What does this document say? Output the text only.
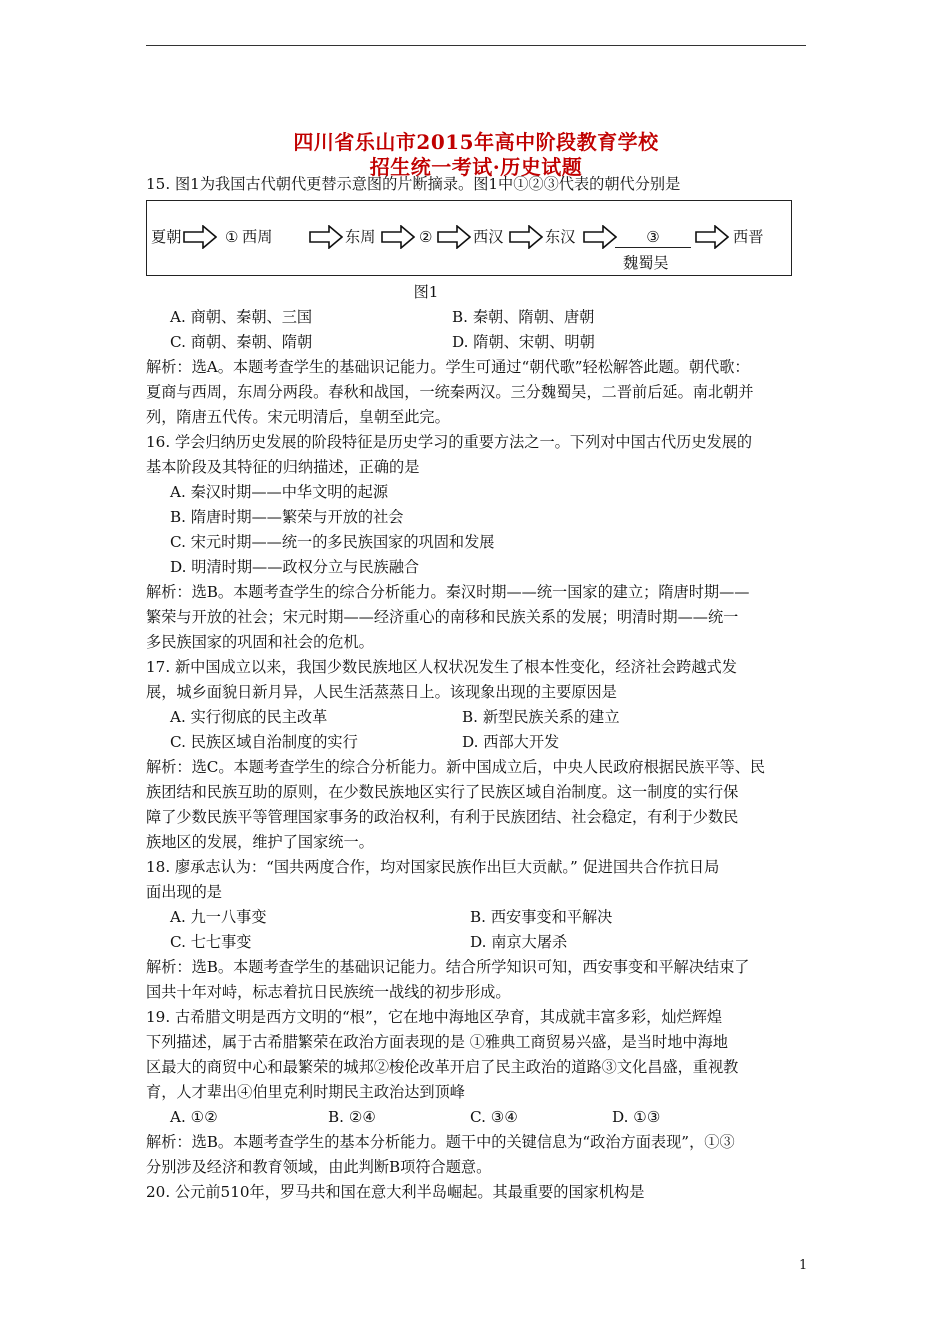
四川省乐山市2015年高中阶段教育学校
招生统一考试·历史试题
15. 图1为我国古代朝代更替示意图的片断摘录。图1中①②③代表的朝代分别是
夏朝	① 西周	东周	②	西汉	东汉	③
魏蜀吴
西晋
图1
A. 商朝、秦朝、三国	B. 秦朝、隋朝、唐朝
C. 商朝、秦朝、隋朝	D. 隋朝、宋朝、明朝
解析：选A。本题考查学生的基础识记能力。学生可通过“朝代歌”轻松解答此题。朝代歌：
夏商与西周，东周分两段。春秋和战国，一统秦两汉。三分魏蜀吴，二晋前后延。南北朝并
列，隋唐五代传。宋元明清后，皇朝至此完。
16. 学会归纳历史发展的阶段特征是历史学习的重要方法之一。下列对中国古代历史发展的
基本阶段及其特征的归纳描述，正确的是
A. 秦汉时期——中华文明的起源
B. 隋唐时期——繁荣与开放的社会
C. 宋元时期——统一的多民族国家的巩固和发展
D. 明清时期——政权分立与民族融合
解析：选B。本题考查学生的综合分析能力。秦汉时期——统一国家的建立；隋唐时期——
繁荣与开放的社会；宋元时期——经济重心的南移和民族关系的发展；明清时期——统一
多民族国家的巩固和社会的危机。
17. 新中国成立以来，我国少数民族地区人权状况发生了根本性变化，经济社会跨越式发
展，城乡面貌日新月异，人民生活蒸蒸日上。该现象出现的主要原因是
A. 实行彻底的民主改革	B. 新型民族关系的建立
C. 民族区域自治制度的实行	D. 西部大开发
解析：选C。本题考查学生的综合分析能力。新中国成立后，中央人民政府根据民族平等、民
族团结和民族互助的原则，在少数民族地区实行了民族区域自治制度。这一制度的实行保
障了少数民族平等管理国家事务的政治权利，有利于民族团结、社会稳定，有利于少数民
族地区的发展，维护了国家统一。
18. 廖承志认为：“国共两度合作，均对国家民族作出巨大贡献。” 促进国共合作抗日局
面出现的是
A. 九一八事变	B. 西安事变和平解决
C. 七七事变	D. 南京大屠杀
解析：选B。本题考查学生的基础识记能力。结合所学知识可知，西安事变和平解决结束了
国共十年对峙，标志着抗日民族统一战线的初步形成。
19. 古希腊文明是西方文明的“根”，它在地中海地区孕育，其成就丰富多彩，灿烂辉煌
下列描述，属于古希腊繁荣在政治方面表现的是 ①雅典工商贸易兴盛，是当时地中海地
区最大的商贸中心和最繁荣的城邦②梭伦改革开启了民主政治的道路③文化昌盛，重视教
育，人才辈出④伯里克利时期民主政治达到顶峰
A. ①②	B. ②④	C. ③④	D. ①③
解析：选B。本题考查学生的基本分析能力。题干中的关键信息为“政治方面表现”，①③
分别涉及经济和教育领域，由此判断B项符合题意。
20. 公元前510年，罗马共和国在意大利半岛崛起。其最重要的国家机构是
1
